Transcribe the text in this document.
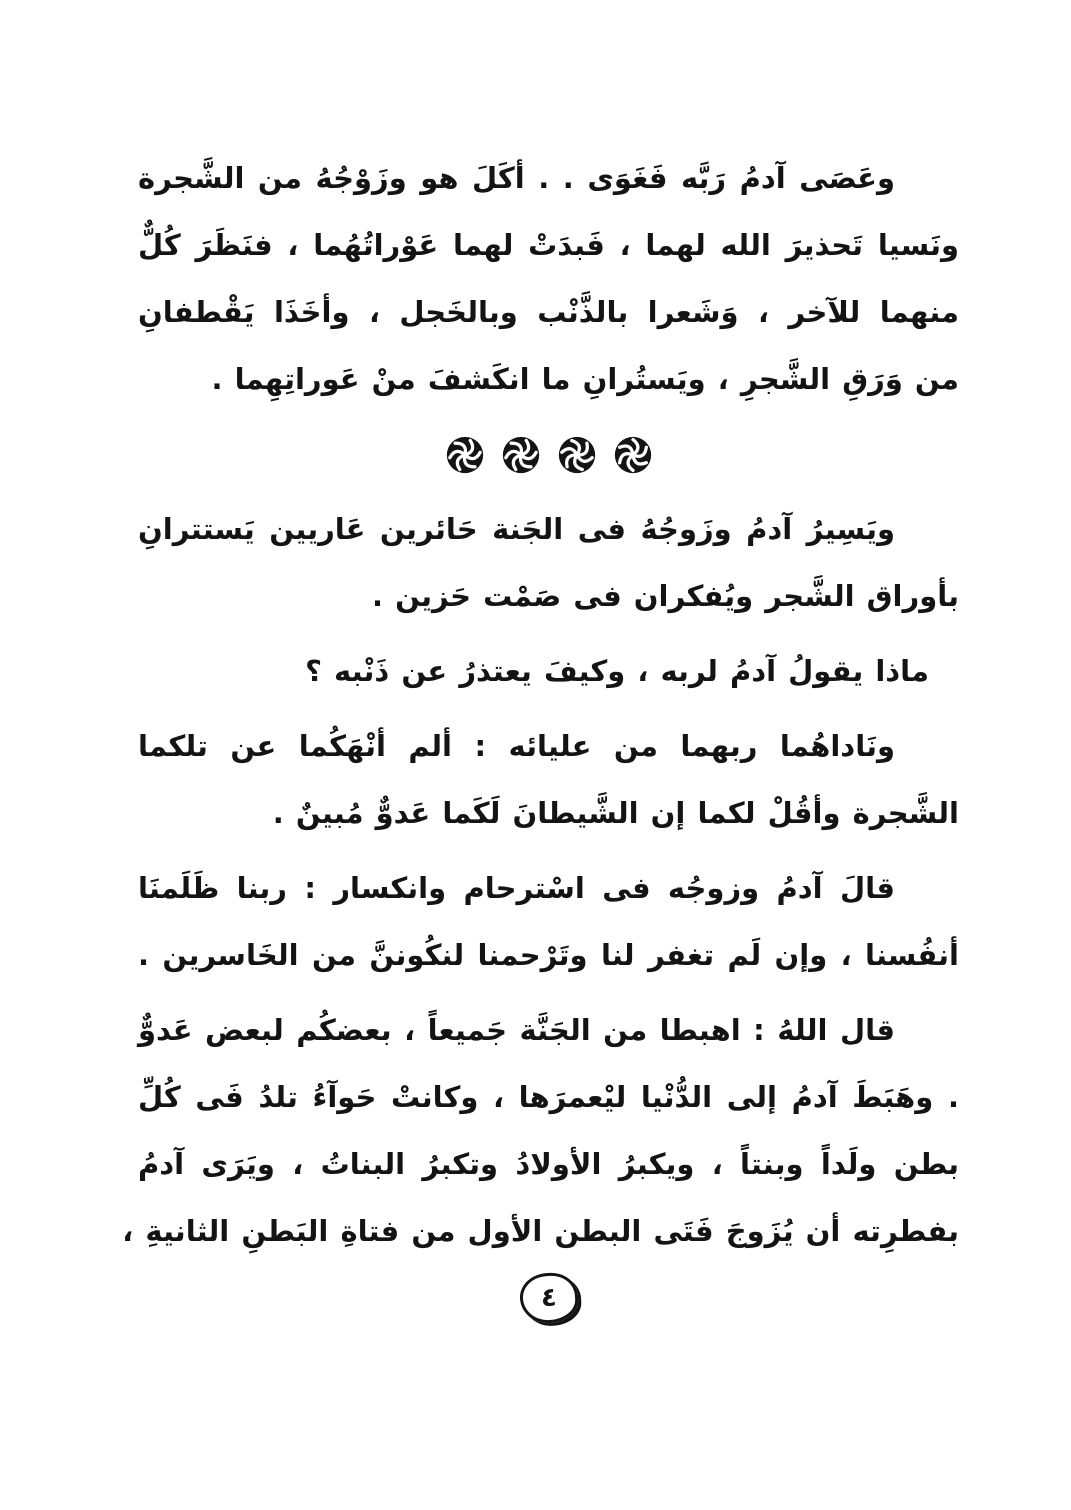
وعَصَى آدمُ رَبَّه فَغَوَى . . أكَلَ هو وزَوْجُهُ من الشَّجرة
ونَسيا تَحذيرَ الله لهما ، فَبدَتْ لهما عَوْراتُهُما ، فنَظَرَ كُلٌّ
منهما للآخر ، وَشَعرا بالذَّنْب وبالخَجل ، وأخَذَا يَقْطفانِ
من وَرَقِ الشَّجرِ ، ويَستُرانِ ما انكَشفَ منْ عَوراتِهِما .
ويَسِيرُ آدمُ وزَوجُهُ فى الجَنة حَائرين عَاريين يَستترانِ
بأوراق الشَّجر ويُفكران فى صَمْت حَزين .
ماذا يقولُ آدمُ لربه ، وكيفَ يعتذرُ عن ذَنْبه ؟
ونَاداهُما ربهما من عليائه : ألم أنْهَكُما عن تلكما
الشَّجرة وأقُلْ لكما إن الشَّيطانَ لَكَما عَدوٌّ مُبينٌ .
قالَ آدمُ وزوجُه فى اسْترحام وانكسار : ربنا ظَلَمنَا
أنفُسنا ، وإن لَم تغفر لنا وتَرْحمنا لنكُوننَّ من الخَاسرين .
قال اللهُ : اهبطا من الجَنَّة جَميعاً ، بعضكُم لبعض عَدوٌّ
. وهَبَطَ آدمُ إلى الدُّنْيا ليْعمرَها ، وكانتْ حَوآءُ تلدُ فَى كُلِّ
بطن ولَداً وبنتاً ، ويكبرُ الأولادُ وتكبرُ البناتُ ، ويَرَى آدمُ
بفطرِته أن يُزَوجَ فَتَى البطن الأول من فتاةِ البَطنِ الثانيةِ ،
٤
